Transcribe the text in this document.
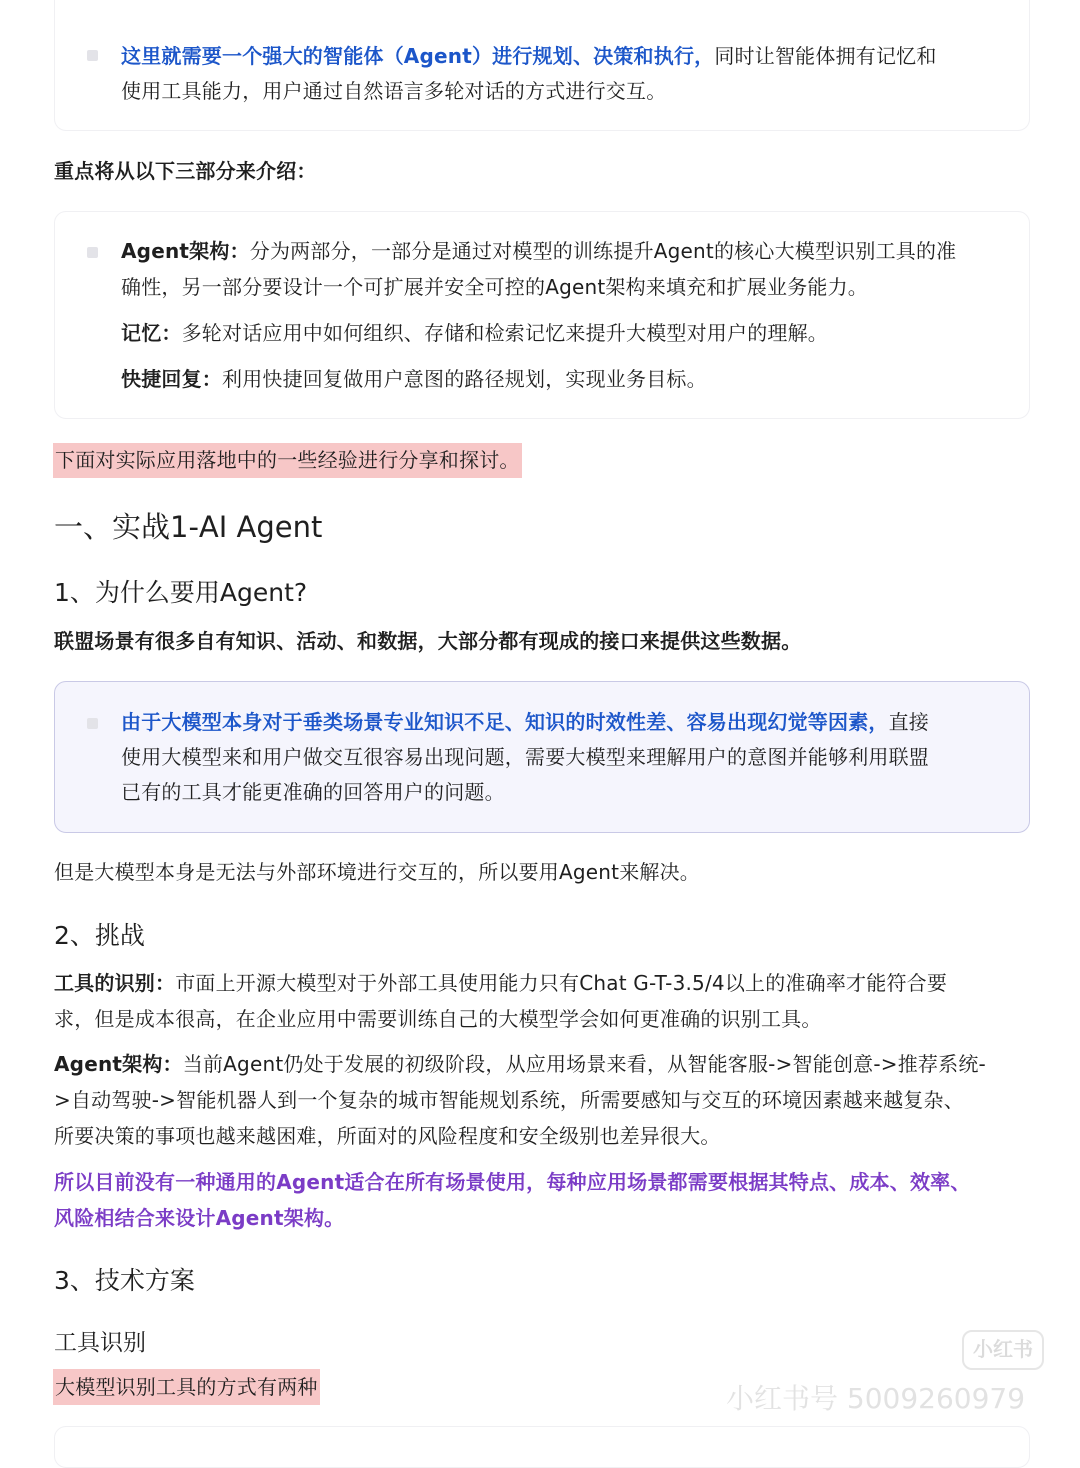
这里就需要一个强大的智能体（Agent）进行规划、决策和执行，同时让智能体拥有记忆和
使用工具能力，用户通过自然语言多轮对话的方式进行交互。
重点将从以下三部分来介绍：
Agent架构：分为两部分，一部分是通过对模型的训练提升Agent的核心大模型识别工具的准
确性，另一部分要设计一个可扩展并安全可控的Agent架构来填充和扩展业务能力。
记忆：多轮对话应用中如何组织、存储和检索记忆来提升大模型对用户的理解。
快捷回复：利用快捷回复做用户意图的路径规划，实现业务目标。
下面对实际应用落地中的一些经验进行分享和探讨。
一、实战1-AI Agent
1、为什么要用Agent?
联盟场景有很多自有知识、活动、和数据，大部分都有现成的接口来提供这些数据。
由于大模型本身对于垂类场景专业知识不足、知识的时效性差、容易出现幻觉等因素，直接
使用大模型来和用户做交互很容易出现问题，需要大模型来理解用户的意图并能够利用联盟
已有的工具才能更准确的回答用户的问题。
但是大模型本身是无法与外部环境进行交互的，所以要用Agent来解决。
2、挑战
工具的识别：市面上开源大模型对于外部工具使用能力只有Chat G-T-3.5/4以上的准确率才能符合要
求，但是成本很高，在企业应用中需要训练自己的大模型学会如何更准确的识别工具。
Agent架构：当前Agent仍处于发展的初级阶段，从应用场景来看，从智能客服->智能创意->推荐系统-
>自动驾驶->智能机器人到一个复杂的城市智能规划系统，所需要感知与交互的环境因素越来越复杂、
所要决策的事项也越来越困难，所面对的风险程度和安全级别也差异很大。
所以目前没有一种通用的Agent适合在所有场景使用，每种应用场景都需要根据其特点、成本、效率、
风险相结合来设计Agent架构。
3、技术方案
工具识别
大模型识别工具的方式有两种
小红书
小红书号 5009260979
